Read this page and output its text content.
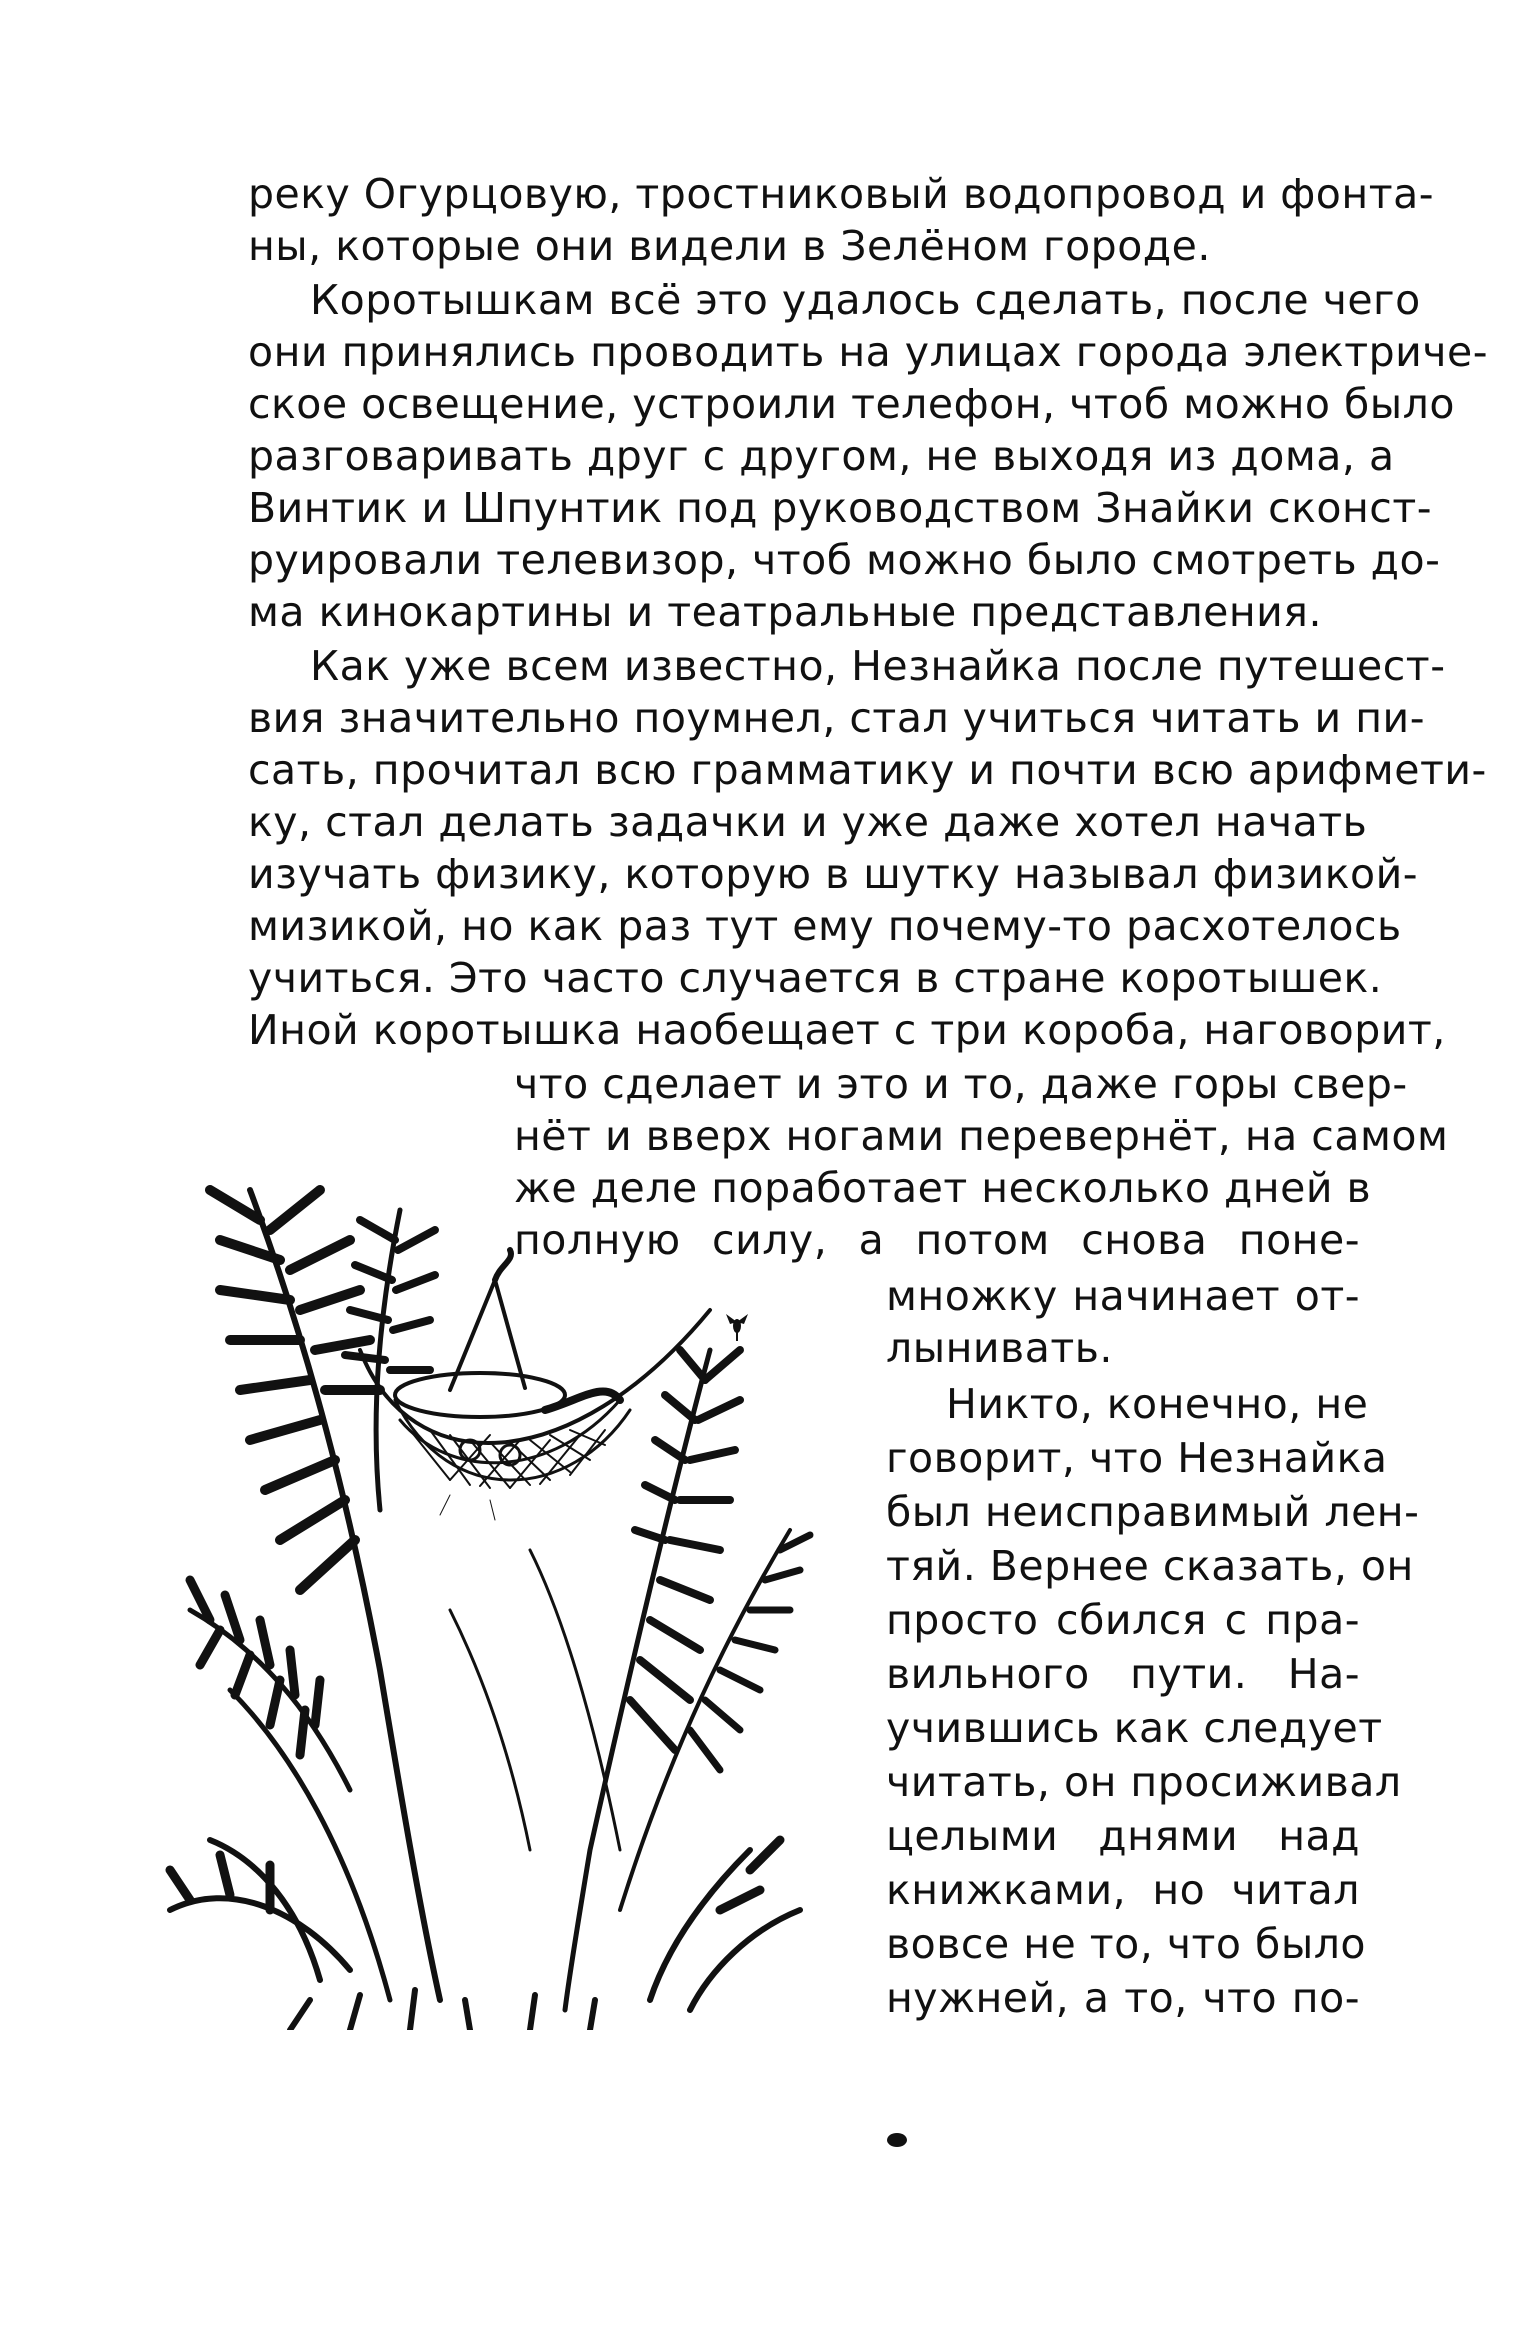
реку Огурцовую, тростниковый водопровод и фонта-
ны, которые они видели в Зелёном городе.
Коротышкам всё это удалось сделать, после чего
они принялись проводить на улицах города электриче-
ское освещение, устроили телефон, чтоб можно было
разговаривать друг с другом, не выходя из дома, а
Винтик и Шпунтик под руководством Знайки сконст-
руировали телевизор, чтоб можно было смотреть до-
ма кинокартины и театральные представления.
Как уже всем известно, Незнайка после путешест-
вия значительно поумнел, стал учиться читать и пи-
сать, прочитал всю грамматику и почти всю арифмети-
ку, стал делать задачки и уже даже хотел начать
изучать физику, которую в шутку называл физикой-
мизикой, но как раз тут ему почему-то расхотелось
учиться. Это часто случается в стране коротышек.
Иной коротышка наобещает с три короба, наговорит,
что сделает и это и то, даже горы свер-
нёт и вверх ногами перевернёт, на самом
же деле поработает несколько дней в
полную силу, а потом снова поне-
множку начинает от-
лынивать.
Никто, конечно, не
говорит, что Незнайка
был неисправимый лен-
тяй. Вернее сказать, он
просто сбился с пра-
вильного пути. На-
учившись как следует
читать, он просиживал
целыми днями над
книжками, но читал
вовсе не то, что было
нужней, а то, что по-
